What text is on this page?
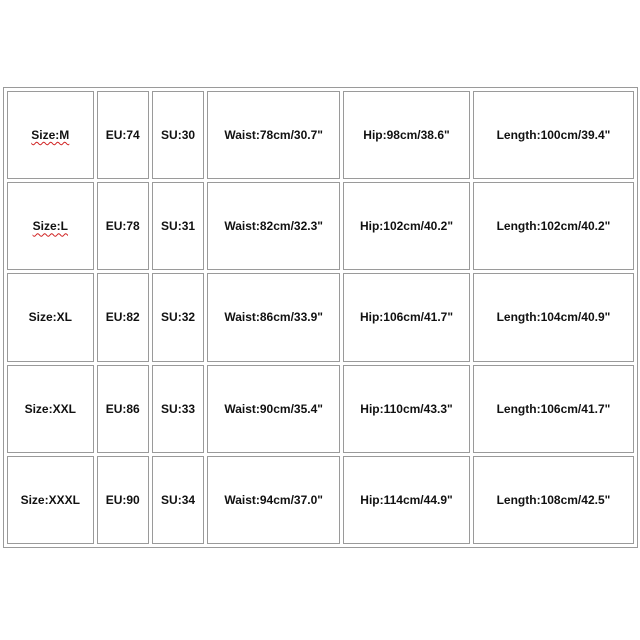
Size:M	EU:74	SU:30	Waist:78cm/30.7"	Hip:98cm/38.6"	Length:100cm/39.4"
Size:L	EU:78	SU:31	Waist:82cm/32.3"	Hip:102cm/40.2"	Length:102cm/40.2"
Size:XL	EU:82	SU:32	Waist:86cm/33.9"	Hip:106cm/41.7"	Length:104cm/40.9"
Size:XXL	EU:86	SU:33	Waist:90cm/35.4"	Hip:110cm/43.3"	Length:106cm/41.7"
Size:XXXL	EU:90	SU:34	Waist:94cm/37.0"	Hip:114cm/44.9"	Length:108cm/42.5"
